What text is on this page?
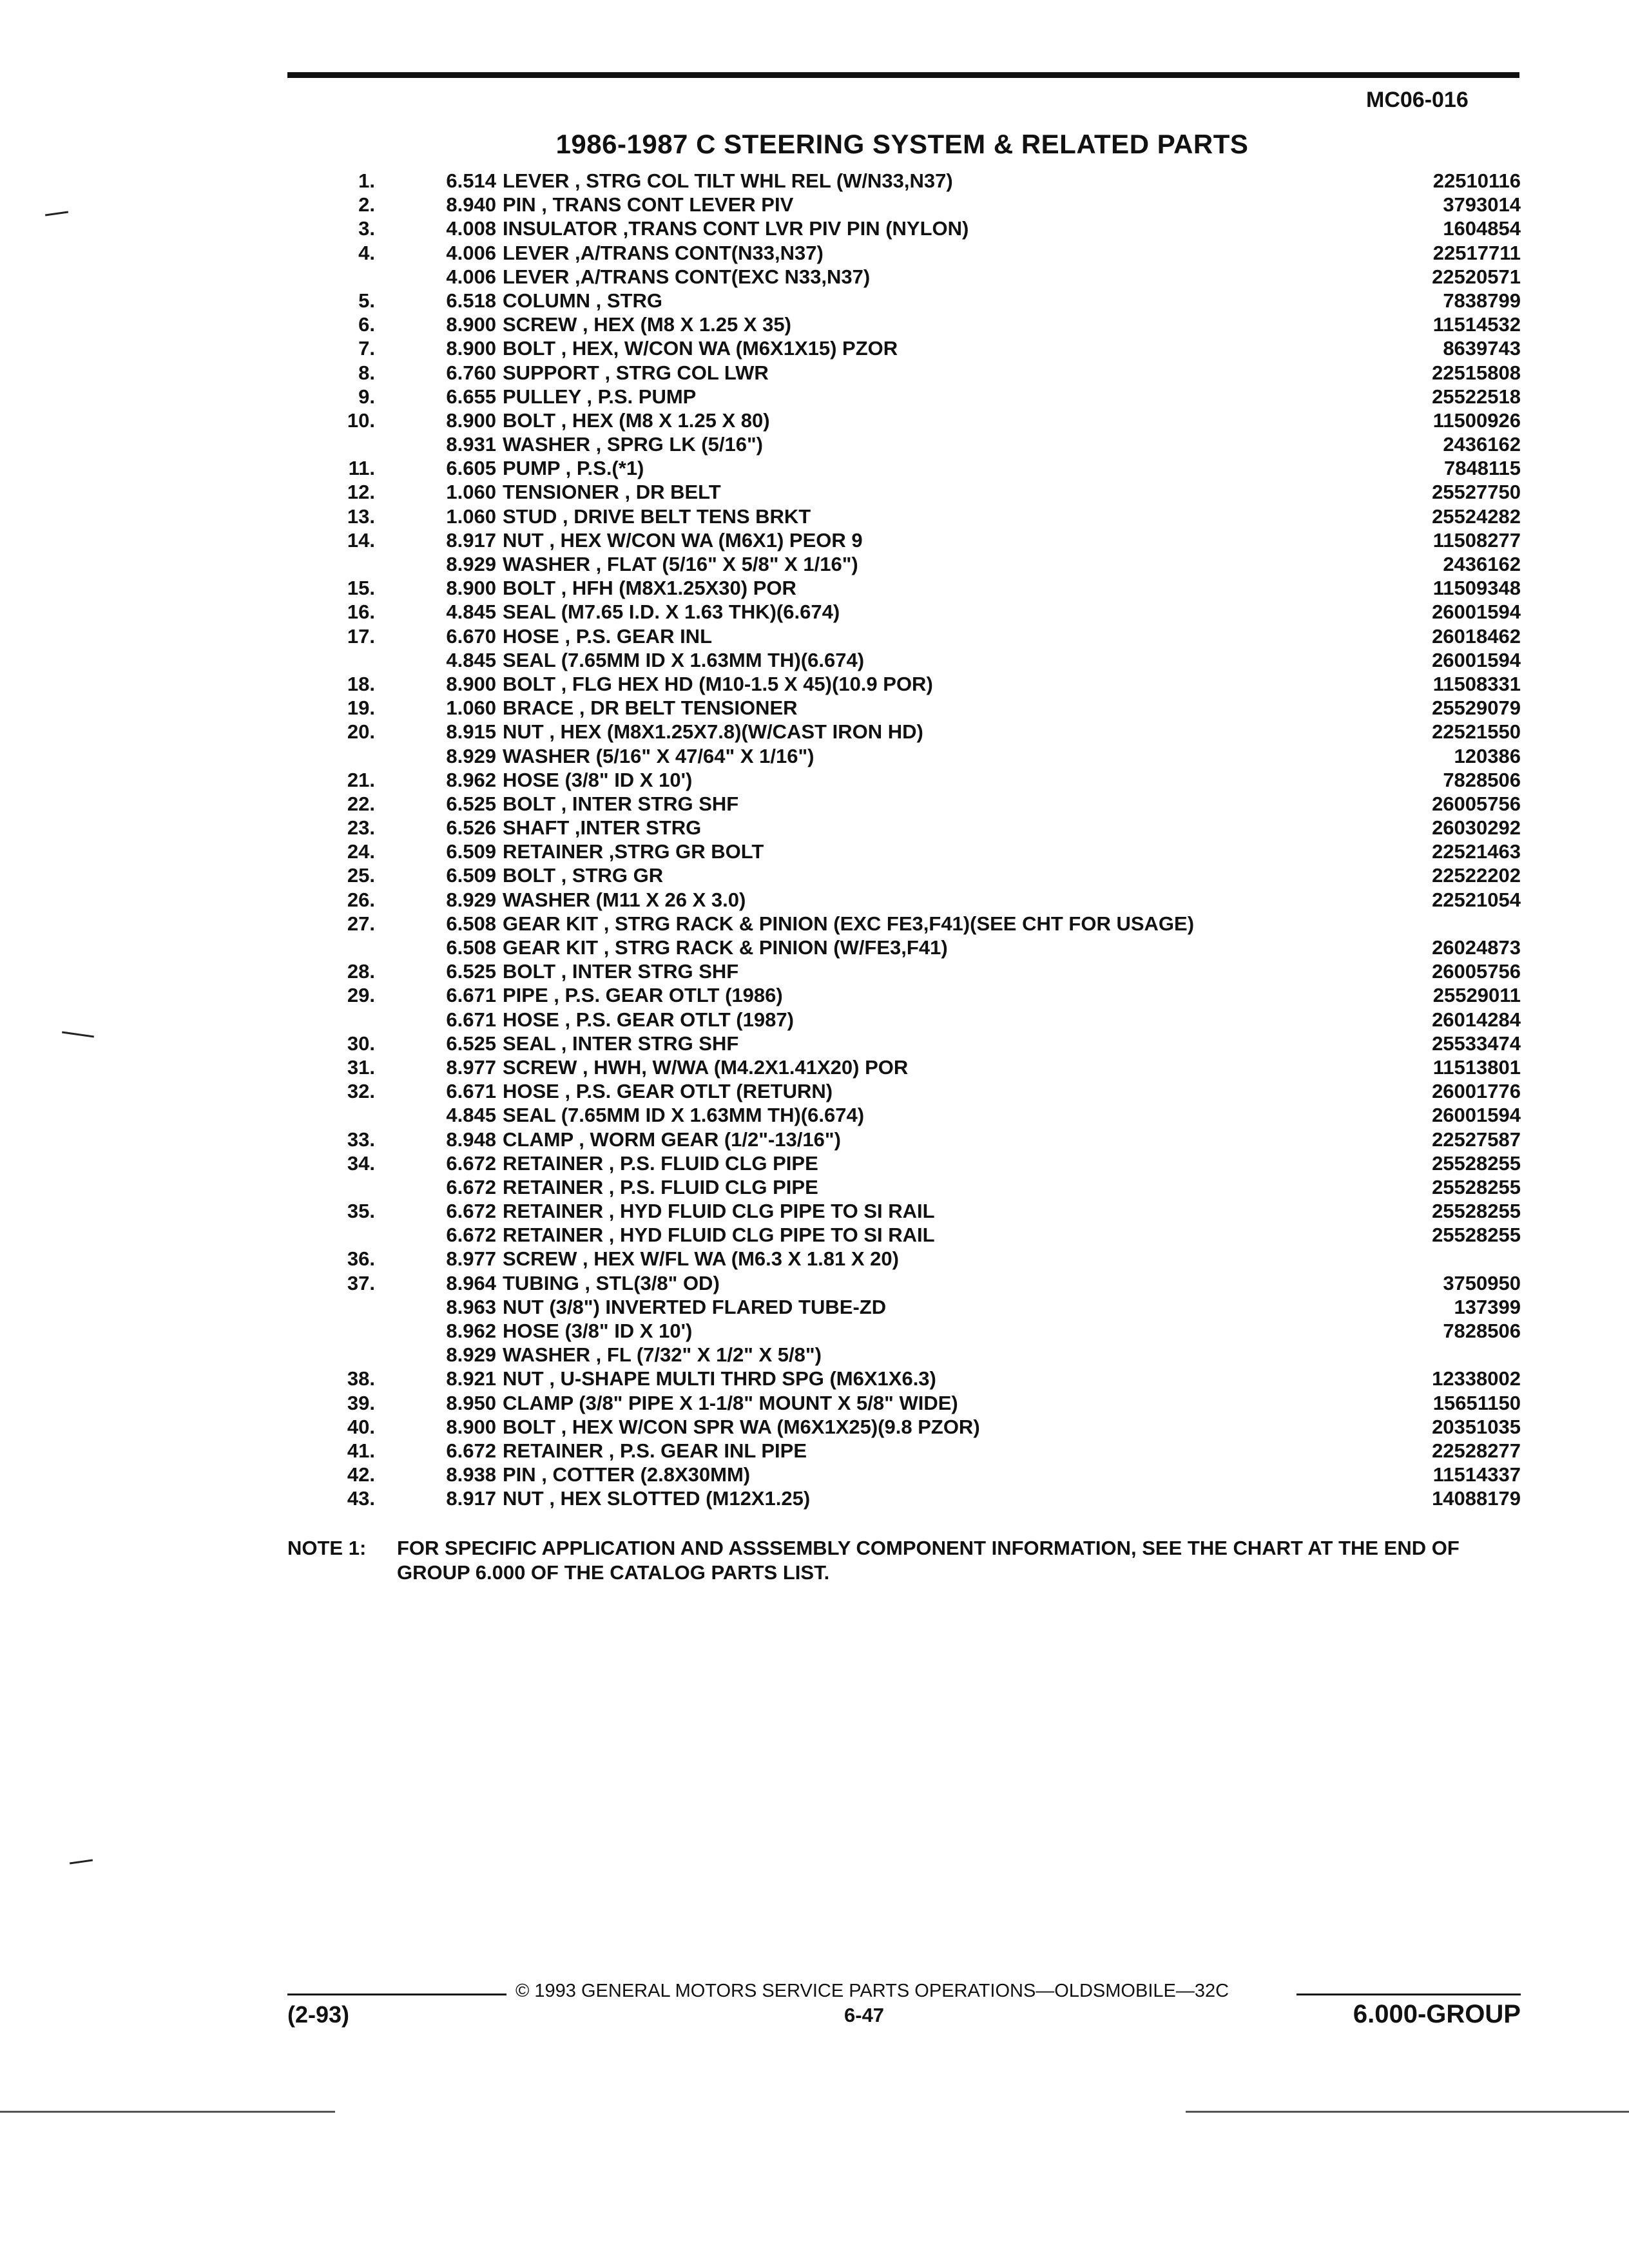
MC06-016
1986-1987 C STEERING SYSTEM & RELATED PARTS
1.	6.514 LEVER , STRG COL TILT WHL REL (W/N33,N37) . . .	22510116
2.	8.940 PIN , TRANS CONT LEVER PIV . . .	3793014
3.	4.008 INSULATOR ,TRANS CONT LVR PIV PIN (NYLON) . . .	1604854
4.	4.006 LEVER ,A/TRANS CONT(N33,N37) . . .	22517711
4.006 LEVER ,A/TRANS CONT(EXC N33,N37) . . .	22520571
5.	6.518 COLUMN , STRG . . .	7838799
6.	8.900 SCREW , HEX (M8 X 1.25 X 35) . . .	11514532
7.	8.900 BOLT , HEX, W/CON WA (M6X1X15) PZOR . . .	8639743
8.	6.760 SUPPORT , STRG COL LWR . . .	22515808
9.	6.655 PULLEY , P.S. PUMP . . .	25522518
10.	8.900 BOLT , HEX (M8 X 1.25 X 80) . . .	11500926
8.931 WASHER , SPRG LK (5/16") . . .	2436162
11.	6.605 PUMP , P.S.(*1) . . .	7848115
12.	1.060 TENSIONER , DR BELT . . .	25527750
13.	1.060 STUD , DRIVE BELT TENS BRKT . . .	25524282
14.	8.917 NUT , HEX W/CON WA (M6X1) PEOR 9 . . .	11508277
8.929 WASHER , FLAT (5/16" X 5/8" X 1/16") . . .	2436162
15.	8.900 BOLT , HFH (M8X1.25X30) POR . . .	11509348
16.	4.845 SEAL (M7.65 I.D. X 1.63 THK)(6.674) . . .	26001594
17.	6.670 HOSE , P.S. GEAR INL . . .	26018462
4.845 SEAL (7.65MM ID X 1.63MM TH)(6.674) . . .	26001594
18.	8.900 BOLT , FLG HEX HD (M10-1.5 X 45)(10.9 POR) . . .	11508331
19.	1.060 BRACE , DR BELT TENSIONER . . .	25529079
20.	8.915 NUT , HEX (M8X1.25X7.8)(W/CAST IRON HD) . . .	22521550
8.929 WASHER (5/16" X 47/64" X 1/16") . . .	120386
21.	8.962 HOSE (3/8" ID X 10') . . .	7828506
22.	6.525 BOLT , INTER STRG SHF . . .	26005756
23.	6.526 SHAFT ,INTER STRG . . .	26030292
24.	6.509 RETAINER ,STRG GR BOLT . . .	22521463
25.	6.509 BOLT , STRG GR . . .	22522202
26.	8.929 WASHER (M11 X 26 X 3.0) . . .	22521054
27.	6.508 GEAR KIT , STRG RACK & PINION (EXC FE3,F41)(SEE CHT FOR USAGE) . . .
6.508 GEAR KIT , STRG RACK & PINION (W/FE3,F41) . . .	26024873
28.	6.525 BOLT , INTER STRG SHF . . .	26005756
29.	6.671 PIPE , P.S. GEAR OTLT (1986) . . .	25529011
6.671 HOSE , P.S. GEAR OTLT (1987) . . .	26014284
30.	6.525 SEAL , INTER STRG SHF . . .	25533474
31.	8.977 SCREW , HWH, W/WA (M4.2X1.41X20) POR . . .	11513801
32.	6.671 HOSE , P.S. GEAR OTLT (RETURN) . . .	26001776
4.845 SEAL (7.65MM ID X 1.63MM TH)(6.674) . . .	26001594
33.	8.948 CLAMP , WORM GEAR (1/2"-13/16") . . .	22527587
34.	6.672 RETAINER , P.S. FLUID CLG PIPE . . .	25528255
6.672 RETAINER , P.S. FLUID CLG PIPE . . .	25528255
35.	6.672 RETAINER , HYD FLUID CLG PIPE TO SI RAIL . . .	25528255
6.672 RETAINER , HYD FLUID CLG PIPE TO SI RAIL . . .	25528255
36.	8.977 SCREW , HEX W/FL WA (M6.3 X 1.81 X 20) . . .
37.	8.964 TUBING , STL(3/8" OD) . . .	3750950
8.963 NUT (3/8") INVERTED FLARED TUBE-ZD . . .	137399
8.962 HOSE (3/8" ID X 10') . . .	7828506
8.929 WASHER , FL (7/32" X 1/2" X 5/8") . . .
38.	8.921 NUT , U-SHAPE MULTI THRD SPG (M6X1X6.3) . . .	12338002
39.	8.950 CLAMP (3/8" PIPE X 1-1/8" MOUNT X 5/8" WIDE) . . .	15651150
40.	8.900 BOLT , HEX W/CON SPR WA (M6X1X25)(9.8 PZOR) . . .	20351035
41.	6.672 RETAINER , P.S. GEAR INL PIPE . . .	22528277
42.	8.938 PIN , COTTER (2.8X30MM) . . .	11514337
43.	8.917 NUT , HEX SLOTTED (M12X1.25) . . .	14088179
NOTE 1: FOR SPECIFIC APPLICATION AND ASSSEMBLY COMPONENT INFORMATION, SEE THE CHART AT THE END OF GROUP 6.000 OF THE CATALOG PARTS LIST.
© 1993 GENERAL MOTORS SERVICE PARTS OPERATIONS—OLDSMOBILE—32C
(2-93)	6-47	6.000-GROUP
